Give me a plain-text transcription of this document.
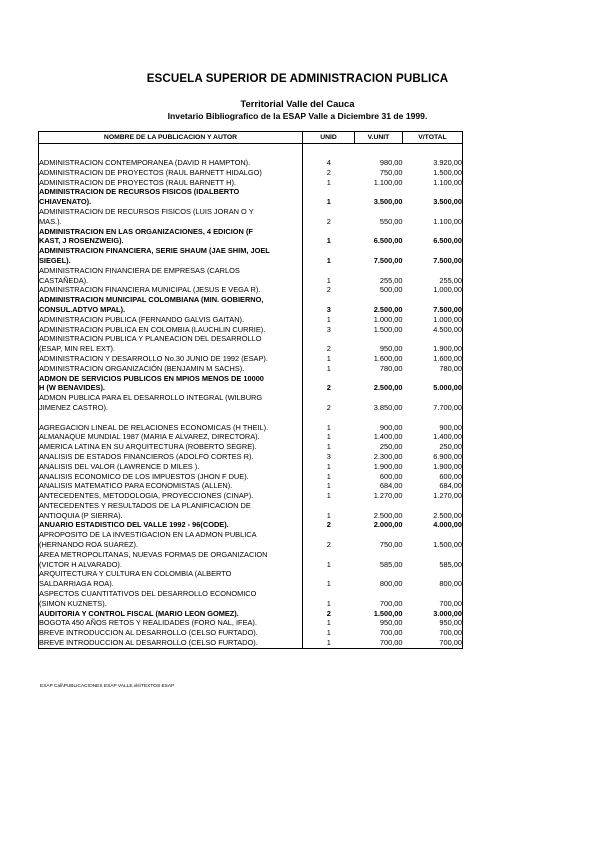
ESCUELA SUPERIOR DE ADMINISTRACION PUBLICA
Territorial Valle del Cauca
Invetario Bibliografico de la ESAP Valle a Diciembre 31 de 1999.
NOMBRE DE LA PUBLICACION Y AUTOR	UNID	V.UNIT	V/TOTAL

ADMINISTRACION CONTEMPORANEA (DAVID R HAMPTON).	4	980,00	3.920,00
ADMINISTRACION DE PROYECTOS (RAUL BARNETT HIDALGO)	2	750,00	1.500,00
ADMINISTRACION DE PROYECTOS (RAUL BARNETT H).	1	1.100,00	1.100,00
ADMINISTRACION DE RECURSOS FISICOS (IDALBERTO			
CHIAVENATO).	1	3.500,00	3.500,00
ADMINISTRACION DE RECURSOS FISICOS (LUIS JORAN O Y			
MAS.).	2	550,00	1.100,00
ADMINISTRACION EN LAS ORGANIZACIONES, 4 EDICION (F			
KAST, J ROSENZWEIG).	1	6.500,00	6.500,00
ADMINISTRACION FINANCIERA, SERIE SHAUM (JAE SHIM, JOEL			
SIEGEL).	1	7.500,00	7.500,00
ADMINISTRACION FINANCIERA DE EMPRESAS (CARLOS			
CASTAÑEDA).	1	255,00	255,00
ADMINISTRACION FINANCIERA MUNICIPAL (JESUS E VEGA R).	2	500,00	1.000,00
ADMINISTRACION MUNICIPAL COLOMBIANA (MIN. GOBIERNO,			
CONSUL.ADTVO MPAL).	3	2.500,00	7.500,00
ADMINISTRACION PUBLICA (FERNANDO GALVIS GAITAN).	1	1.000,00	1.000,00
ADMINISTRACION PUBLICA EN COLOMBIA (LAUCHLIN CURRIE).	3	1.500,00	4.500,00
ADMINISTRACION PUBLICA Y PLANEACION DEL DESARROLLO			
(ESAP, MIN REL EXT).	2	950,00	1.900,00
ADMINISTRACION Y DESARROLLO No.30 JUNIO DE 1992 (ESAP).	1	1.600,00	1.600,00
ADMINISTRACION ORGANIZACIÓN (BENJAMIN M SACHS).	1	780,00	780,00
ADMON DE SERVICIOS PUBLICOS EN MPIOS MENOS DE 10000			
H (W BENAVIDES).	2	2.500,00	5.000,00
ADMON PUBLICA PARA EL DESARROLLO INTEGRAL (WILBURG			
JIMENEZ CASTRO).	2	3.850,00	7.700,00

AGREGACION LINEAL DE RELACIONES ECONOMICAS (H THEIL).	1	900,00	900,00
ALMANAQUE MUNDIAL 1987 (MARIA E ALVAREZ, DIRECTORA).	1	1.400,00	1.400,00
AMERICA LATINA EN SU ARQUITECTURA (ROBERTO SEGRE).	1	250,00	250,00
ANALISIS DE ESTADOS FINANCIEROS (ADOLFO CORTES R).	3	2.300,00	6.900,00
ANALISIS DEL VALOR (LAWRENCE D MILES ).	1	1.900,00	1.900,00
ANALISIS ECONOMICO DE LOS IMPUESTOS (JHON F DUE).	1	600,00	600,00
ANALISIS MATEMATICO PARA ECONOMISTAS (ALLEN).	1	684,00	684,00
ANTECEDENTES, METODOLOGIA, PROYECCIONES (CINAP).	1	1.270,00	1.270,00
ANTECEDENTES Y RESULTADOS DE LA PLANIFICACION DE			
ANTIOQUIA (P SIERRA).	1	2.500,00	2.500,00
ANUARIO ESTADISTICO DEL VALLE 1992 - 96(CODE).	2	2.000,00	4.000,00
APROPOSITO DE LA INVESTIGACION EN LA ADMON PUBLICA			
(HERNANDO ROA SUAREZ).	2	750,00	1.500,00
AREA METROPOLITANAS, NUEVAS FORMAS DE ORGANIZACION			
(VICTOR H ALVARADO).	1	585,00	585,00
ARQUITECTURA Y CULTURA EN COLOMBIA (ALBERTO			
SALDARRIAGA ROA).	1	800,00	800,00
ASPECTOS CUANTITATIVOS DEL DESARROLLO ECONOMICO			
(SIMON KUZNETS).	1	700,00	700,00
AUDITORIA Y CONTROL FISCAL (MARIO LEON GOMEZ).	2	1.500,00	3.000,00
BOGOTA 450 AÑOS RETOS Y REALIDADES (FORO NAL, IFEA).	1	950,00	950,00
BREVE INTRODUCCION AL DESARROLLO (CELSO FURTADO).	1	700,00	700,00
BREVE INTRODUCCION AL DESARROLLO (CELSO FURTADO).	1	700,00	700,00
ESAP Cali\PUBLICACIONES ESAP VALLE.xls\TEXTOS ESAP
